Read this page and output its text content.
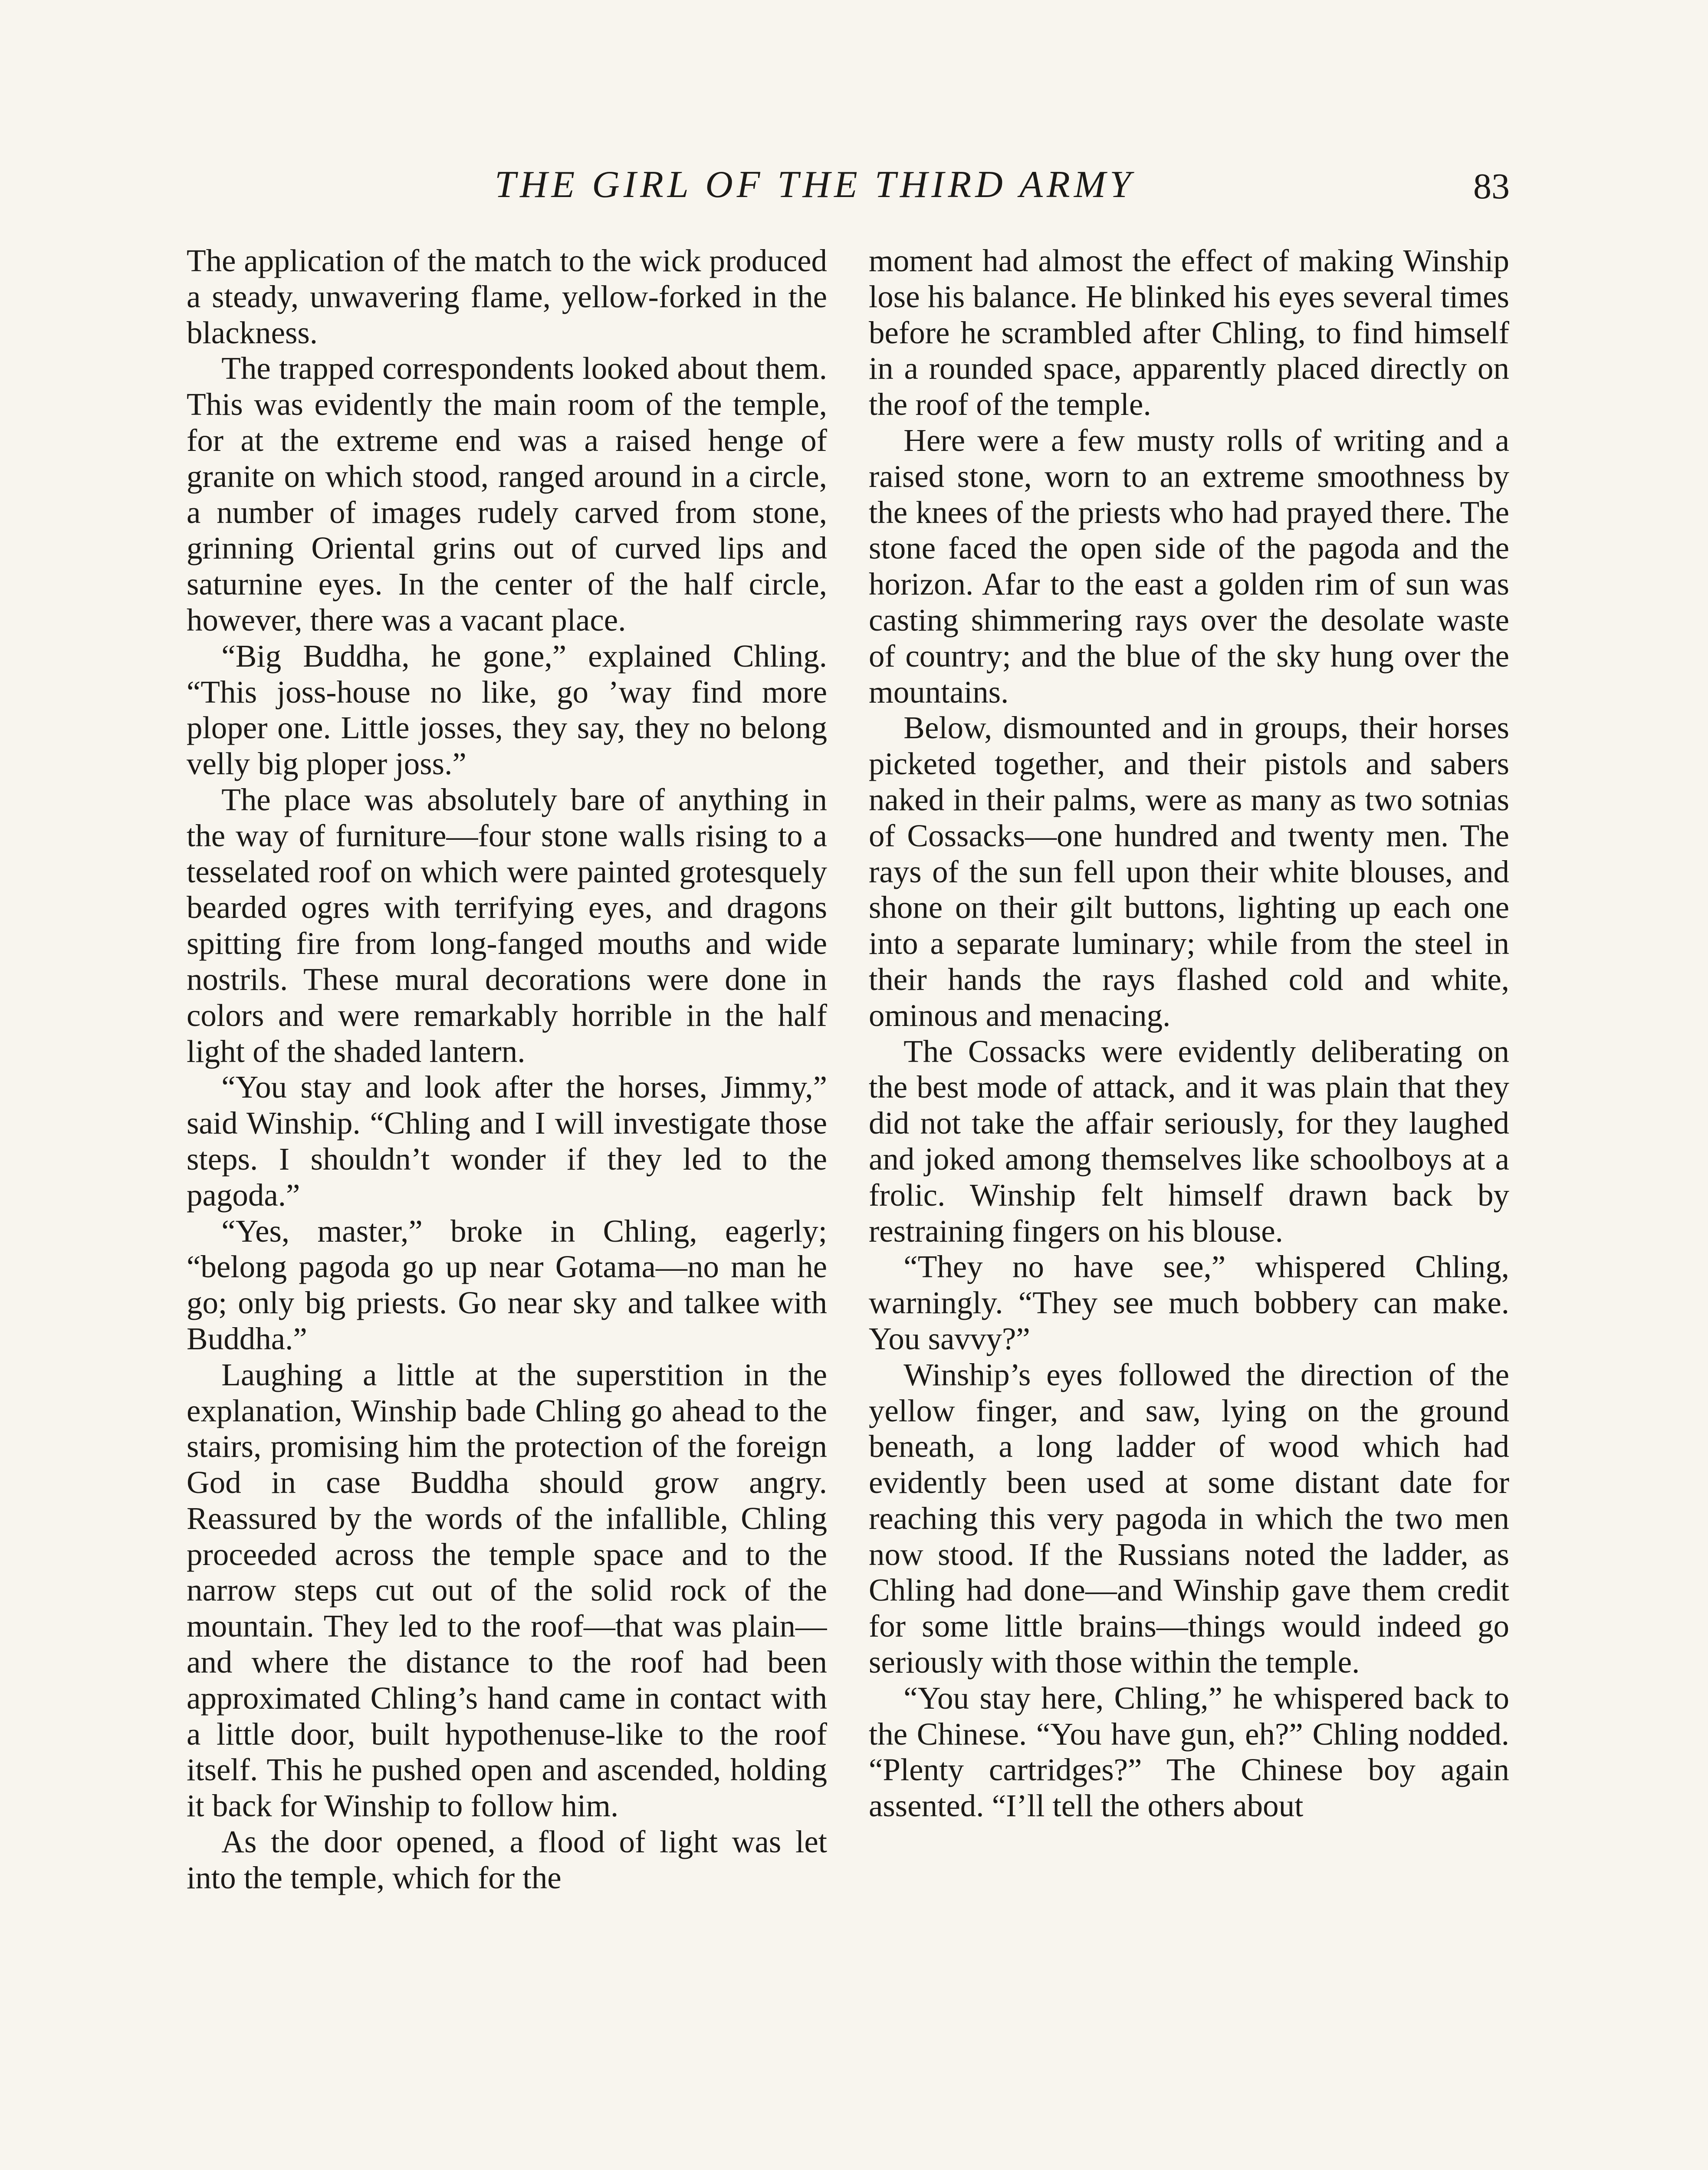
THE GIRL OF THE THIRD ARMY	83

The application of the match to the wick produced a steady, unwavering flame, yellow-forked in the blackness.

The trapped correspondents looked about them. This was evidently the main room of the temple, for at the extreme end was a raised henge of granite on which stood, ranged around in a circle, a number of images rudely carved from stone, grinning Oriental grins out of curved lips and saturnine eyes. In the center of the half circle, however, there was a vacant place.

“Big Buddha, he gone,” explained Chling. “This joss-house no like, go ’way find more ploper one. Little josses, they say, they no belong velly big ploper joss.”

The place was absolutely bare of anything in the way of furniture—four stone walls rising to a tesselated roof on which were painted grotesquely bearded ogres with terrifying eyes, and dragons spitting fire from long-fanged mouths and wide nostrils. These mural decorations were done in colors and were remarkably horrible in the half light of the shaded lantern.

“You stay and look after the horses, Jimmy,” said Winship. “Chling and I will investigate those steps. I shouldn’t wonder if they led to the pagoda.”

“Yes, master,” broke in Chling, eagerly; “belong pagoda go up near Gotama—no man he go; only big priests. Go near sky and talkee with Buddha.”

Laughing a little at the superstition in the explanation, Winship bade Chling go ahead to the stairs, promising him the protection of the foreign God in case Buddha should grow angry. Reassured by the words of the infallible, Chling proceeded across the temple space and to the narrow steps cut out of the solid rock of the mountain. They led to the roof—that was plain—and where the distance to the roof had been approximated Chling’s hand came in contact with a little door, built hypothenuse-like to the roof itself. This he pushed open and ascended, holding it back for Winship to follow him.

As the door opened, a flood of light was let into the temple, which for the

moment had almost the effect of making Winship lose his balance. He blinked his eyes several times before he scrambled after Chling, to find himself in a rounded space, apparently placed directly on the roof of the temple.

Here were a few musty rolls of writing and a raised stone, worn to an extreme smoothness by the knees of the priests who had prayed there. The stone faced the open side of the pagoda and the horizon. Afar to the east a golden rim of sun was casting shimmering rays over the desolate waste of country; and the blue of the sky hung over the mountains.

Below, dismounted and in groups, their horses picketed together, and their pistols and sabers naked in their palms, were as many as two sotnias of Cossacks—one hundred and twenty men. The rays of the sun fell upon their white blouses, and shone on their gilt buttons, lighting up each one into a separate luminary; while from the steel in their hands the rays flashed cold and white, ominous and menacing.

The Cossacks were evidently deliberating on the best mode of attack, and it was plain that they did not take the affair seriously, for they laughed and joked among themselves like schoolboys at a frolic. Winship felt himself drawn back by restraining fingers on his blouse.

“They no have see,” whispered Chling, warningly. “They see much bobbery can make. You savvy?”

Winship’s eyes followed the direction of the yellow finger, and saw, lying on the ground beneath, a long ladder of wood which had evidently been used at some distant date for reaching this very pagoda in which the two men now stood. If the Russians noted the ladder, as Chling had done—and Winship gave them credit for some little brains—things would indeed go seriously with those within the temple.

“You stay here, Chling,” he whispered back to the Chinese. “You have gun, eh?” Chling nodded. “Plenty cartridges?” The Chinese boy again assented. “I’ll tell the others about
